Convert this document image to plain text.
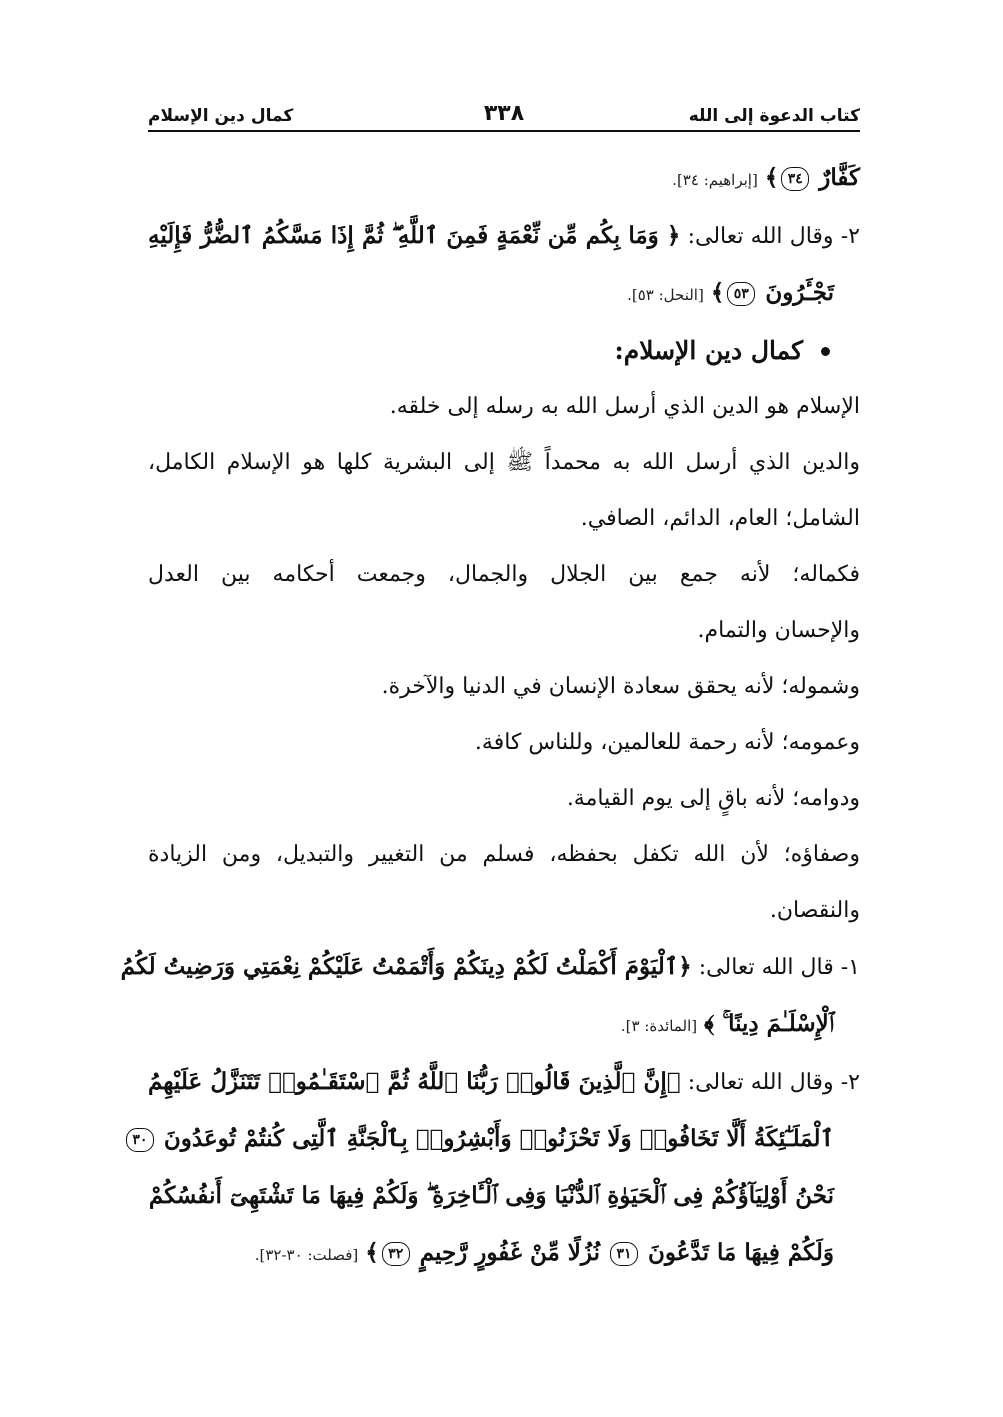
كتاب الدعوة إلى الله
٣٣٨
كمال دين الإسلام
كَفَّارٌ ٣٤﴾ [إبراهيم: ٣٤].
٢- وقال الله تعالى: ﴿ وَمَا بِكُم مِّن نِّعْمَةٍ فَمِنَ ٱللَّهِ ۖ ثُمَّ إِذَا مَسَّكُمُ ٱلضُّرُّ فَإِلَيْهِ
تَجْـَٔرُونَ ٥٣﴾ [النحل: ٥٣].
كمال دين الإسلام:
الإسلام هو الدين الذي أرسل الله به رسله إلى خلقه.
والدين الذي أرسل الله به محمداً ﷺ إلى البشرية كلها هو الإسلام الكامل،
الشامل؛ العام، الدائم، الصافي.
فكماله؛ لأنه جمع بين الجلال والجمال، وجمعت أحكامه بين العدل
والإحسان والتمام.
وشموله؛ لأنه يحقق سعادة الإنسان في الدنيا والآخرة.
وعمومه؛ لأنه رحمة للعالمين، وللناس كافة.
ودوامه؛ لأنه باقٍ إلى يوم القيامة.
وصفاؤه؛ لأن الله تكفل بحفظه، فسلم من التغيير والتبديل، ومن الزيادة
والنقصان.
١- قال الله تعالى: ﴿ٱلْيَوْمَ أَكْمَلْتُ لَكُمْ دِينَكُمْ وَأَتْمَمْتُ عَلَيْكُمْ نِعْمَتِي وَرَضِيتُ لَكُمُ
ٱلْإِسْلَـٰمَ دِينًا ۚ ﴾ [المائدة: ٣].
٢- وقال الله تعالى: ﴿إِنَّ ٱلَّذِينَ قَالُوا۟ رَبُّنَا ٱللَّهُ ثُمَّ ٱسْتَقَـٰمُوا۟ تَتَنَزَّلُ عَلَيْهِمُ
ٱلْمَلَـٰٓئِكَةُ أَلَّا تَخَافُوا۟ وَلَا تَحْزَنُوا۟ وَأَبْشِرُوا۟ بِٱلْجَنَّةِ ٱلَّتِى كُنتُمْ تُوعَدُونَ ٣٠
نَحْنُ أَوْلِيَآؤُكُمْ فِى ٱلْحَيَوٰةِ ٱلدُّنْيَا وَفِى ٱلْـَٔاخِرَةِ ۖ وَلَكُمْ فِيهَا مَا تَشْتَهِىٓ أَنفُسُكُمْ
وَلَكُمْ فِيهَا مَا تَدَّعُونَ ٣١ نُزُلًا مِّنْ غَفُورٍ رَّحِيمٍ ٣٢﴾ [فصلت: ٣٠-٣٢].
